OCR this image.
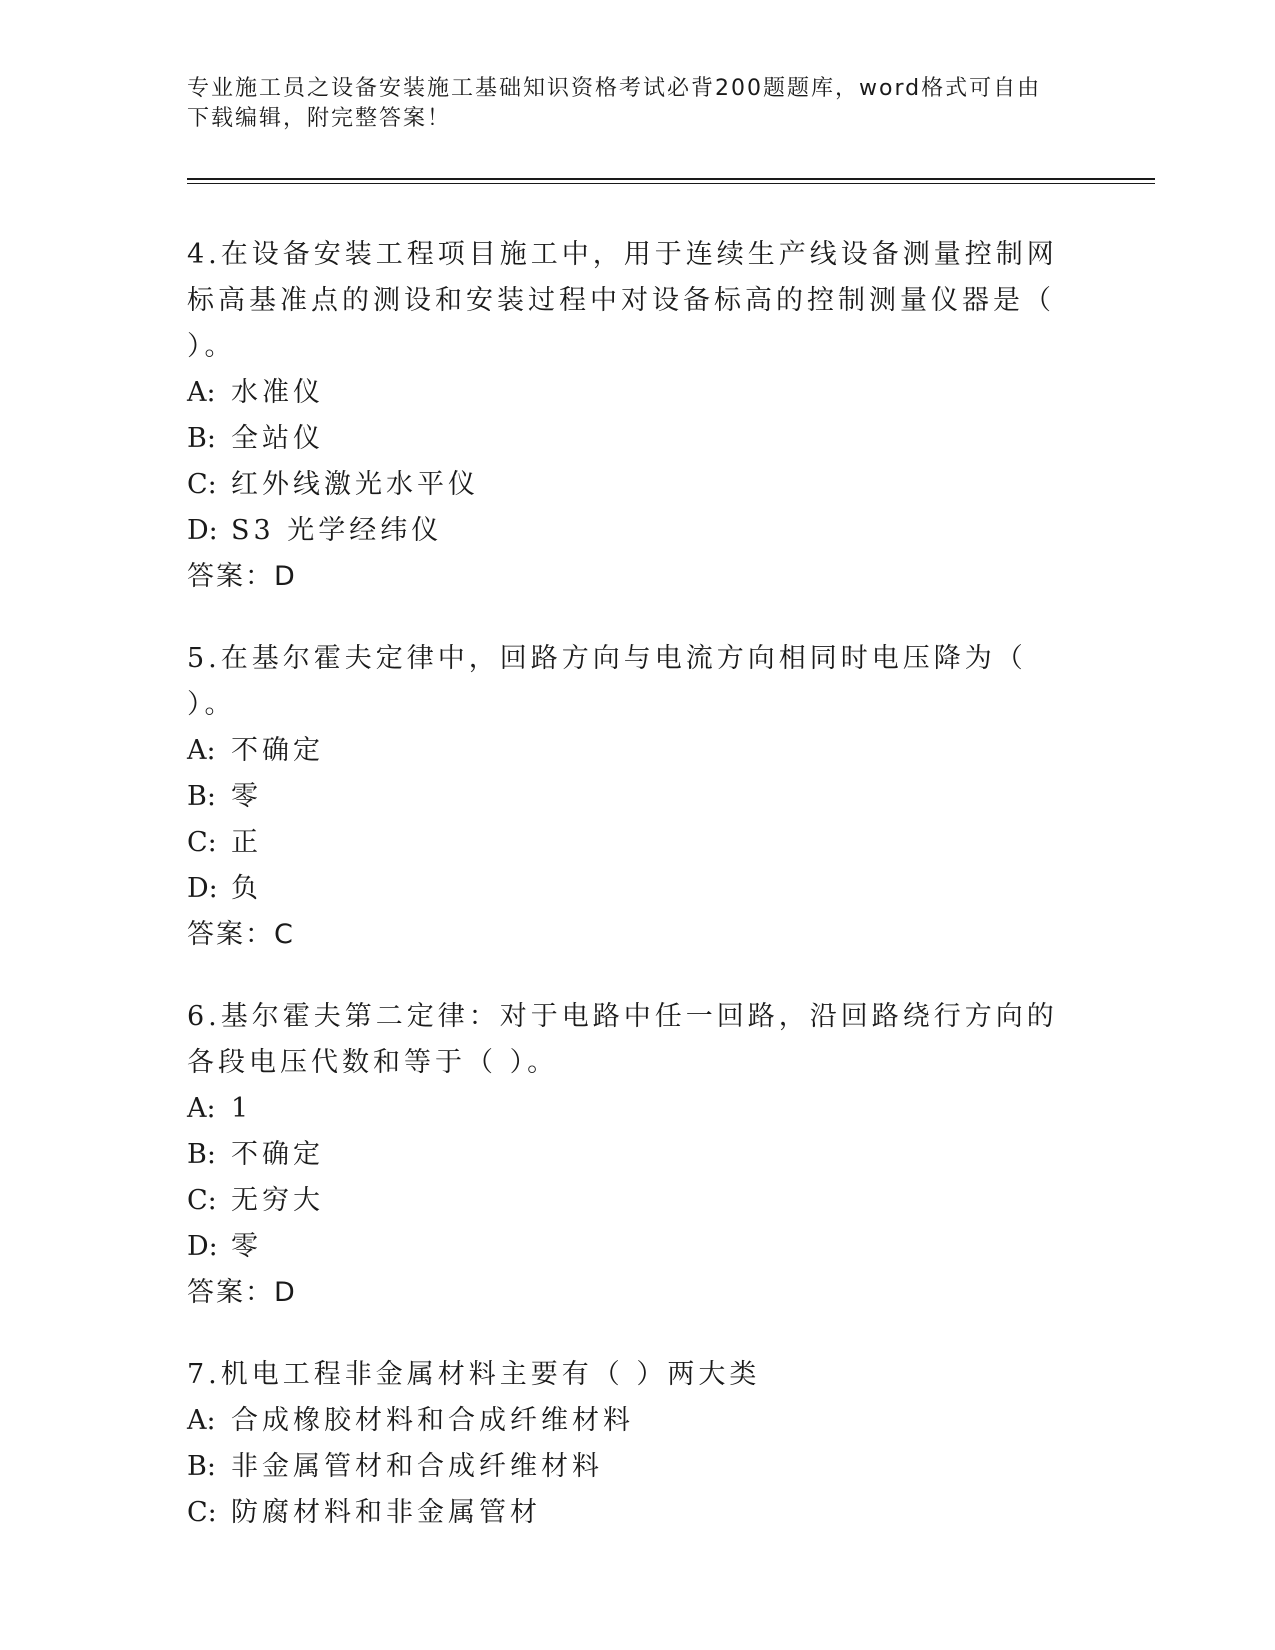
专业施工员之设备安装施工基础知识资格考试必背200题题库，word格式可自由
下载编辑，附完整答案！
4.在设备安装工程项目施工中，用于连续生产线设备测量控制网标高基准点的测设和安装过程中对设备标高的控制测量仪器是（ ）。
A: 水准仪
B: 全站仪
C: 红外线激光水平仪
D: S3 光学经纬仪
答案：D
5.在基尔霍夫定律中，回路方向与电流方向相同时电压降为（ ）。
A: 不确定
B: 零
C: 正
D: 负
答案：C
6.基尔霍夫第二定律：对于电路中任一回路，沿回路绕行方向的各段电压代数和等于（ ）。
A: 1
B: 不确定
C: 无穷大
D: 零
答案：D
7.机电工程非金属材料主要有（ ）两大类
A: 合成橡胶材料和合成纤维材料
B: 非金属管材和合成纤维材料
C: 防腐材料和非金属管材
